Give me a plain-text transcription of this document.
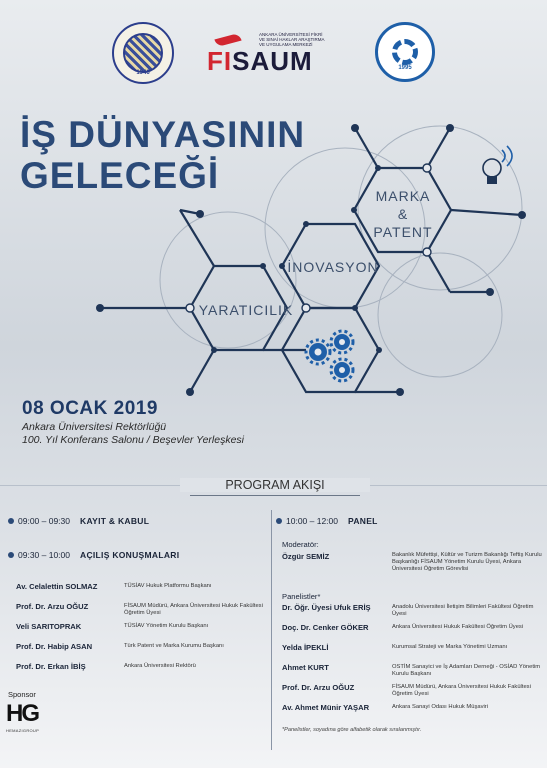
1946
ANKARA ÜNİVERSİTESİ FİKRİ VE SINAİ HAKLAR ARAŞTIRMA VE UYGULAMA MERKEZİ
FISAUM	1995
İŞ DÜNYASININ
GELECEĞİ	MARKA
&
PATENT
İNOVASYON
YARATICILIK
08 OCAK 2019
Ankara Üniversitesi Rektörlüğü
100. Yıl Konferans Salonu / Beşevler Yerleşkesi
PROGRAM AKIŞI
09:00 – 09:30 KAYIT & KABUL
09:30 – 10:00 AÇILIŞ KONUŞMALARI
Av. Celalettin SOLMAZ	TÜSİAV Hukuk Platformu Başkanı
Prof. Dr. Arzu OĞUZ	FİSAUM Müdürü, Ankara Üniversitesi Hukuk Fakültesi Öğretim Üyesi
Veli SARITOPRAK	TÜSİAV Yönetim Kurulu Başkanı
Prof. Dr. Habip ASAN	Türk Patent ve Marka Kurumu Başkanı
Prof. Dr. Erkan İBİŞ	Ankara Üniversitesi Rektörü
10:00 – 12:00 PANEL
Moderatör:
Özgür SEMİZ	Bakanlık Müfettişi, Kültür ve Turizm Bakanlığı Teftiş Kurulu Başkanlığı FİSAUM Yönetim Kurulu Üyesi, Ankara Üniversitesi Öğretim Görevlisi
Panelistler*
Dr. Öğr. Üyesi Ufuk ERİŞ	Anadolu Üniversitesi İletişim Bilimleri Fakültesi Öğretim Üyesi
Doç. Dr. Cenker GÖKER	Ankara Üniversitesi Hukuk Fakültesi Öğretim Üyesi
Yelda İPEKLİ	Kurumsal Strateji ve Marka Yönetimi Uzmanı
Ahmet KURT	OSTİM Sanayici ve İş Adamları Derneği - OSİAD Yönetim Kurulu Başkanı
Prof. Dr. Arzu OĞUZ	FİSAUM Müdürü, Ankara Üniversitesi Hukuk Fakültesi Öğretim Üyesi
Av. Ahmet Münir YAŞAR	Ankara Sanayi Odası Hukuk Müşaviri
*Panelistler, soyadına göre alfabetik olarak sıralanmıştır.
Sponsor
HG
HEMAZIGROUP
